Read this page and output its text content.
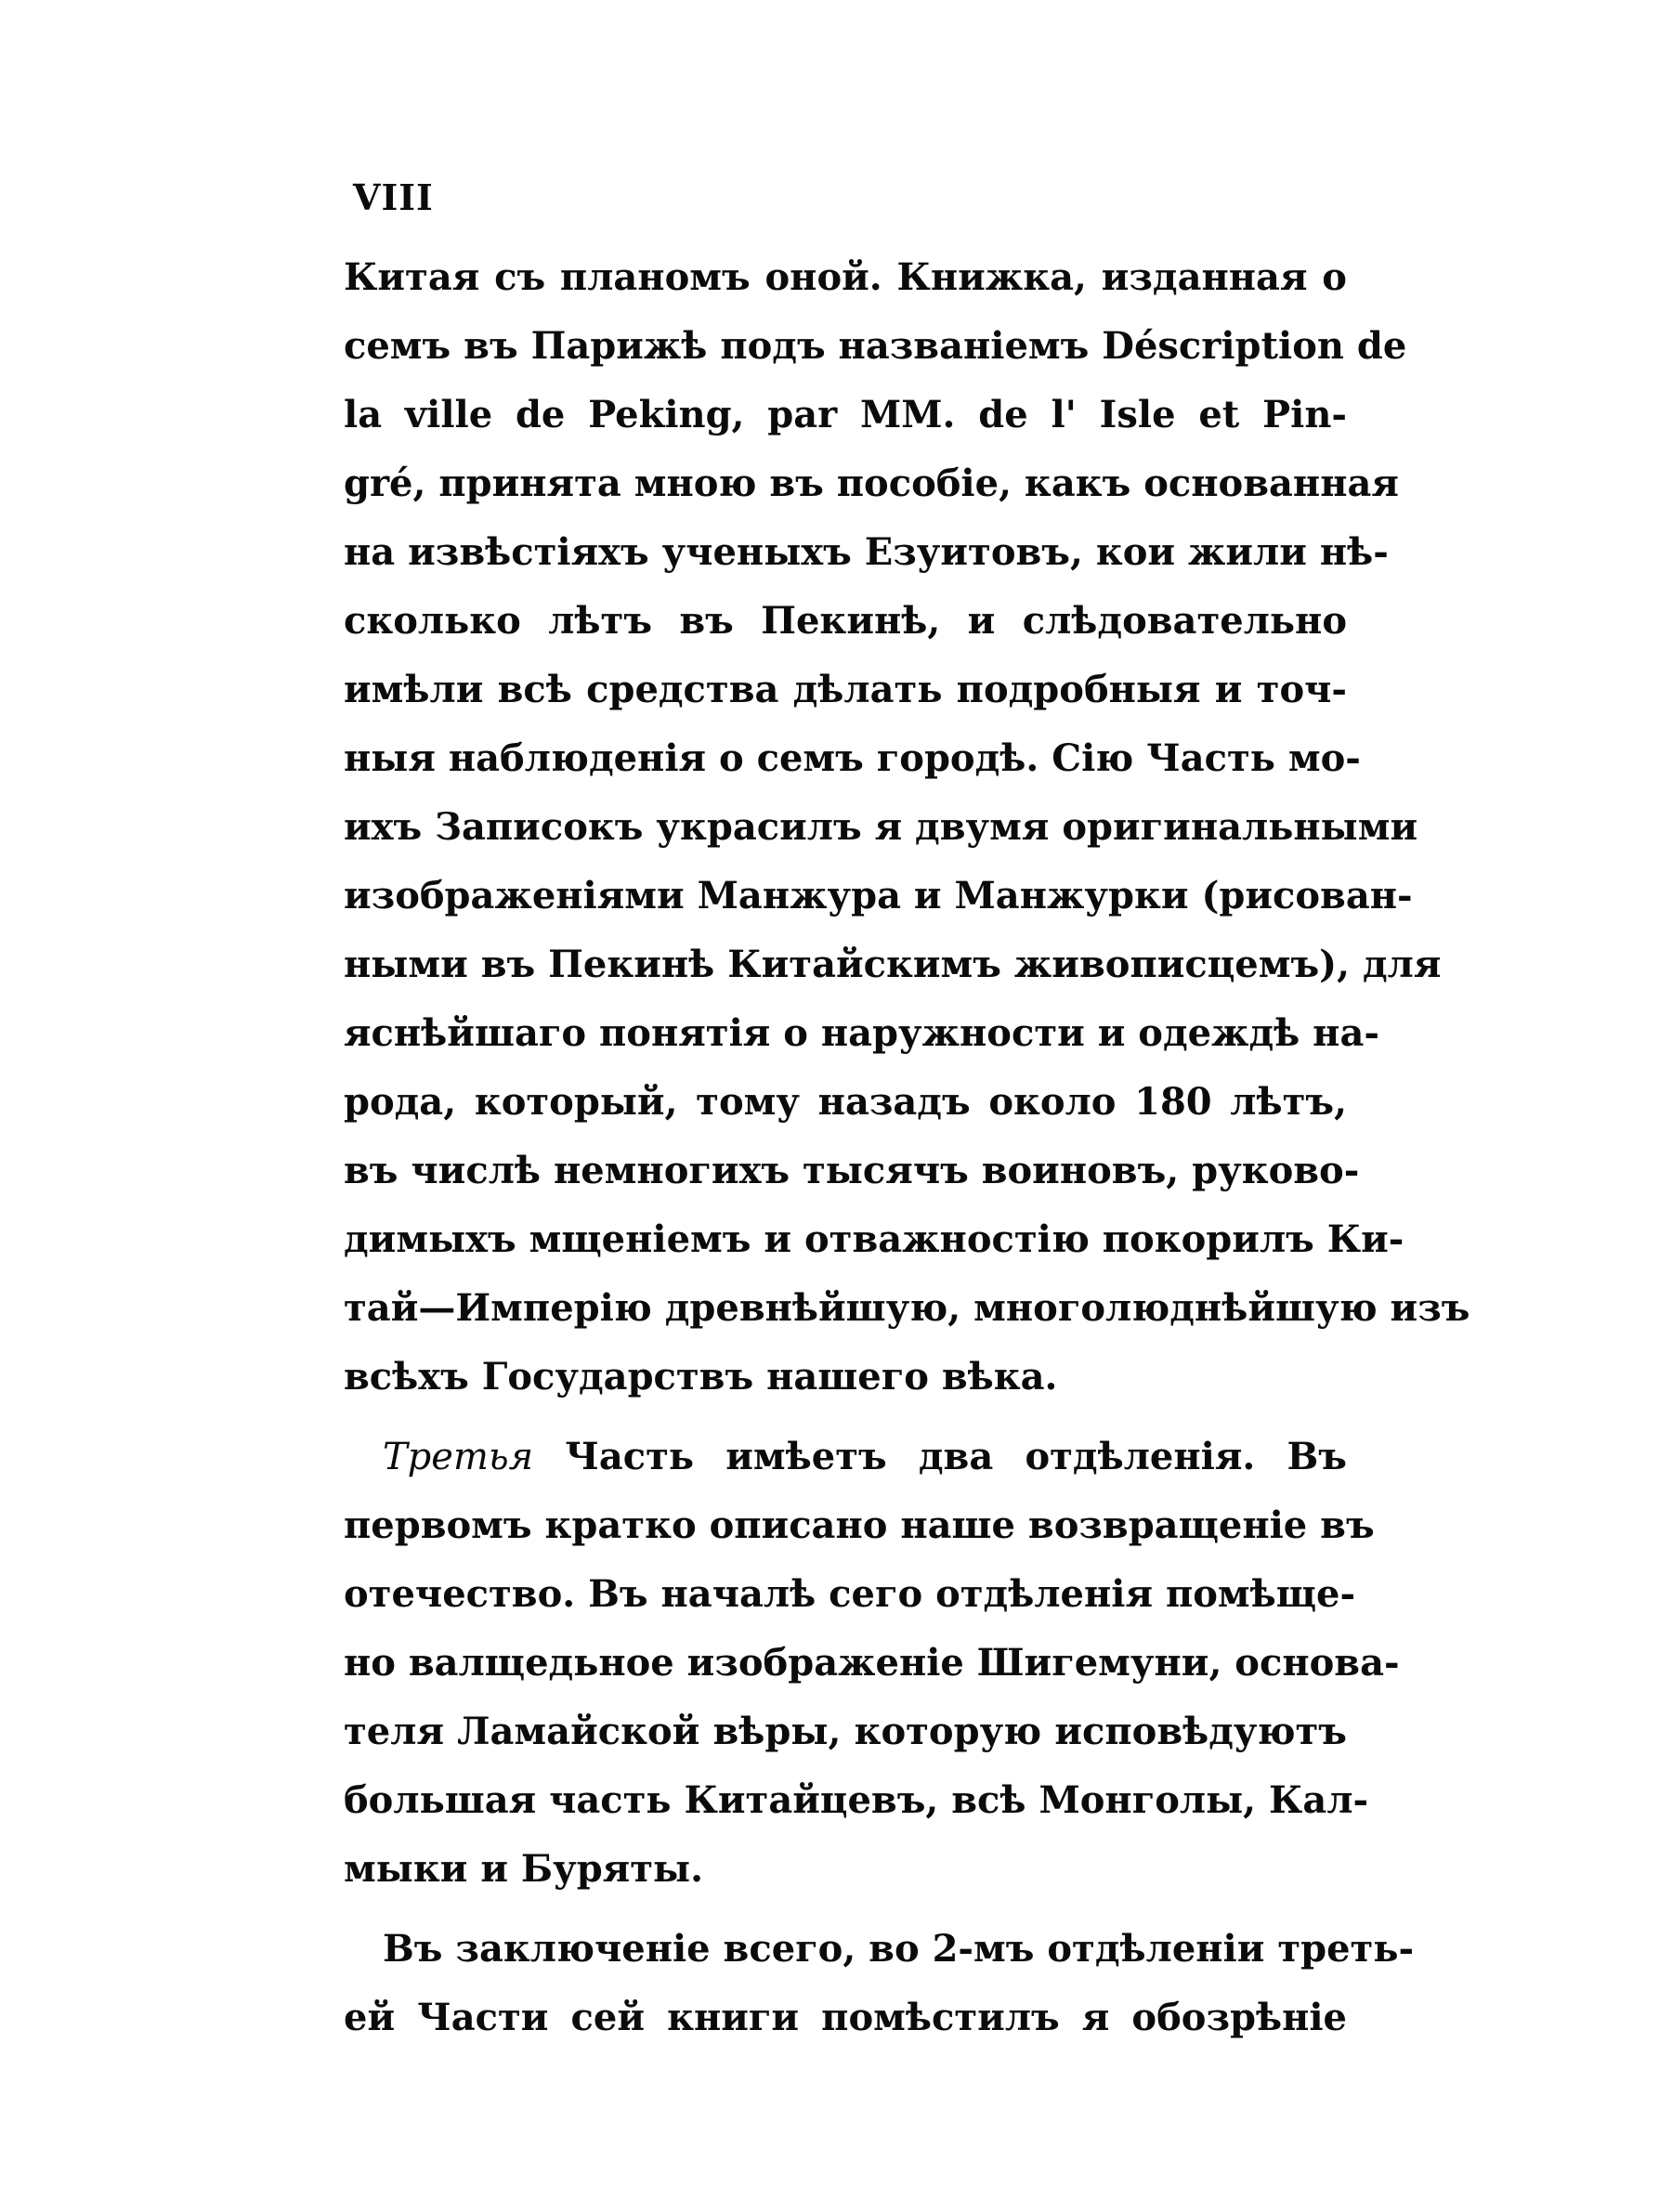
VIII
Китая съ планомъ оной. Книжка, изданная о
семъ въ Парижѣ подъ названіемъ Déscription de
la ville de Peking, par MM. de l' Isle et Pin-
gré, принята мною въ пособіе, какъ основанная
на извѣстіяхъ ученыхъ Езуитовъ, кои жили нѣ-
сколько лѣтъ въ Пекинѣ, и слѣдовательно
имѣли всѣ средства дѣлать подробныя и точ-
ныя наблюденія о семъ городѣ. Сію Часть мо-
ихъ Записокъ украсилъ я двумя оригинальными
изображеніями Манжура и Манжурки (рисован-
ными въ Пекинѣ Китайскимъ живописцемъ), для
яснѣйшаго понятія о наружности и одеждѣ на-
рода, который, тому назадъ около 180 лѣтъ,
въ числѣ немногихъ тысячъ воиновъ, руково-
димыхъ мщеніемъ и отважностію покорилъ Ки-
тай—Имперію древнѣйшую, многолюднѣйшую изъ
всѣхъ Государствъ нашего вѣка.
Третья Часть имѣетъ два отдѣленія. Въ
первомъ кратко описано наше возвращеніе въ
отечество. Въ началѣ сего отдѣленія помѣще-
но валщедьное изображеніе Шигемуни, основа-
теля Ламайской вѣры, которую исповѣдуютъ
большая часть Китайцевъ, всѣ Монголы, Кал-
мыки и Буряты.
Въ заключеніе всего, во 2-мъ отдѣленіи треть-
ей Части сей книги помѣстилъ я обозрѣніе
